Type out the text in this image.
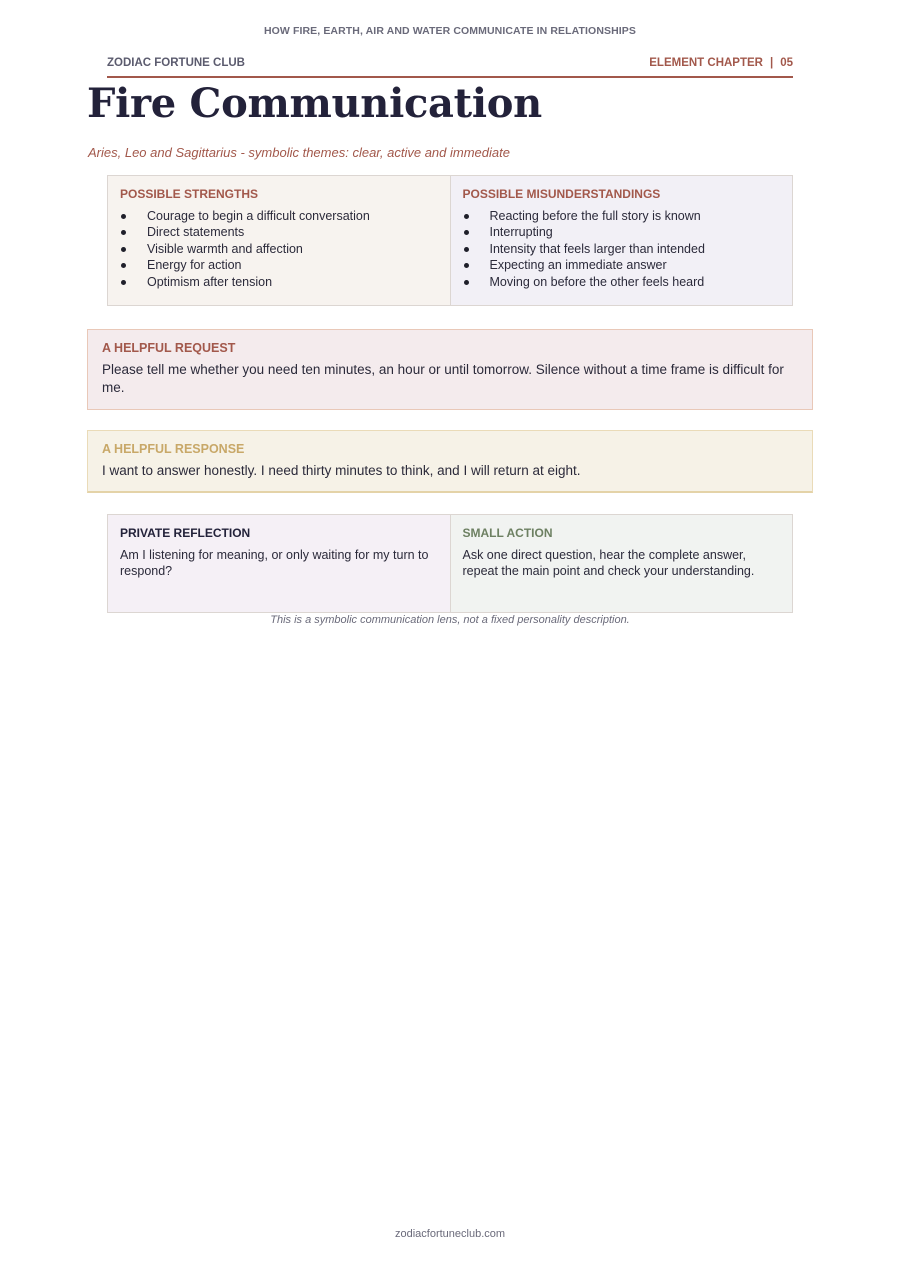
HOW FIRE, EARTH, AIR AND WATER COMMUNICATE IN RELATIONSHIPS
ZODIAC FORTUNE CLUB	ELEMENT CHAPTER | 05
Fire Communication
Aries, Leo and Sagittarius - symbolic themes: clear, active and immediate
POSSIBLE STRENGTHS
Courage to begin a difficult conversation
Direct statements
Visible warmth and affection
Energy for action
Optimism after tension
POSSIBLE MISUNDERSTANDINGS
Reacting before the full story is known
Interrupting
Intensity that feels larger than intended
Expecting an immediate answer
Moving on before the other feels heard
A HELPFUL REQUEST
Please tell me whether you need ten minutes, an hour or until tomorrow. Silence without a time frame is difficult for me.
A HELPFUL RESPONSE
I want to answer honestly. I need thirty minutes to think, and I will return at eight.
PRIVATE REFLECTION
Am I listening for meaning, or only waiting for my turn to respond?
SMALL ACTION
Ask one direct question, hear the complete answer, repeat the main point and check your understanding.
This is a symbolic communication lens, not a fixed personality description.
zodiacfortuneclub.com
